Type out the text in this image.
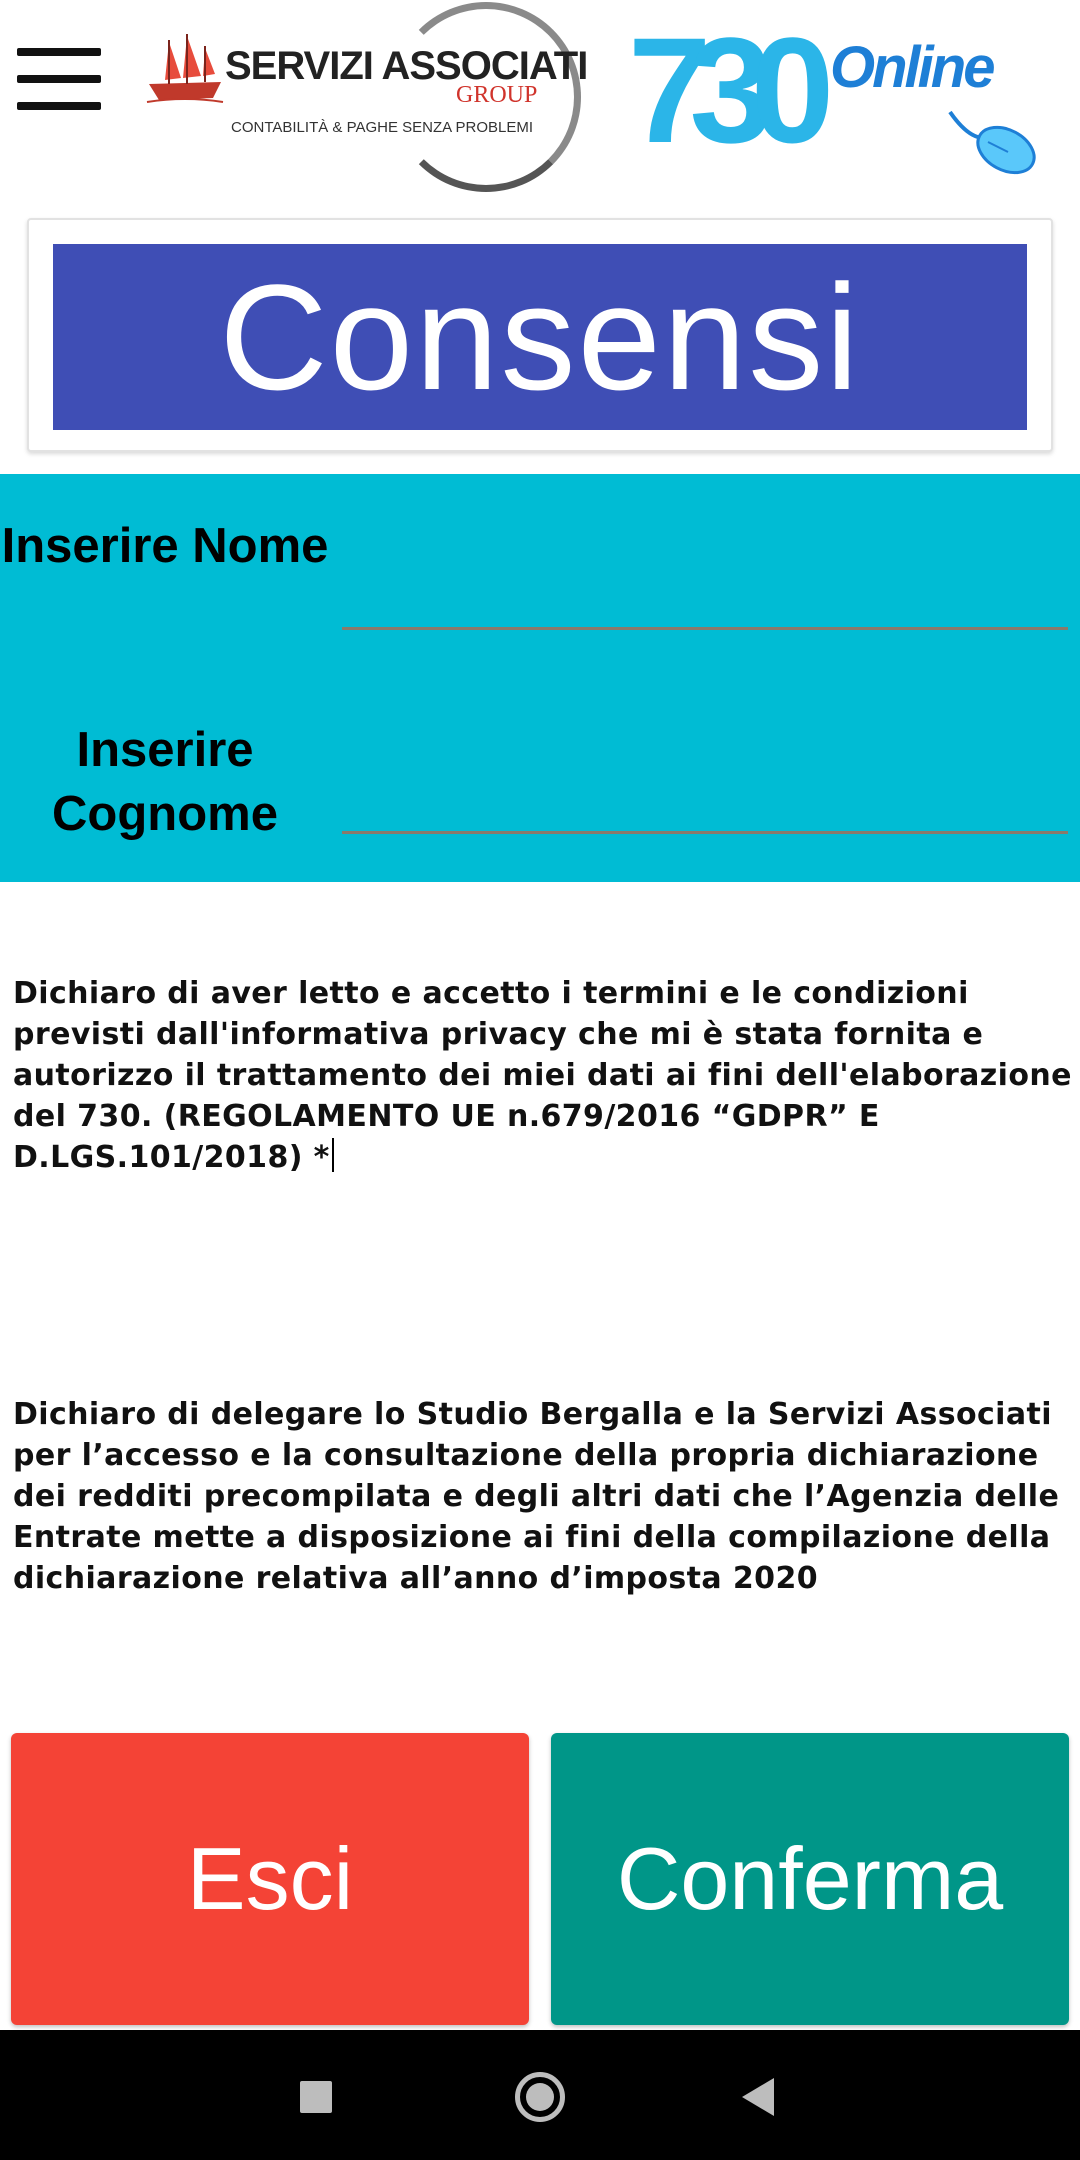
SERVIZI ASSOCIATI
GROUP
CONTABILITÀ & PAGHE SENZA PROBLEMI 730 Online
Consensi
Inserire Nome
Inserire Cognome
Dichiaro di aver letto e accetto i termini e le condizioni previsti dall'informativa privacy che mi è stata fornita e autorizzo il trattamento dei miei dati ai fini dell'elaborazione del 730. (REGOLAMENTO UE n.679/2016 “GDPR” E D.LGS.101/2018) *
Dichiaro di delegare lo Studio Bergalla e la Servizi Associati per l’accesso e la consultazione della propria dichiarazione dei redditi precompilata e degli altri dati che l’Agenzia delle Entrate mette a disposizione ai fini della compilazione della dichiarazione relativa all’anno d’imposta 2020
Esci	Conferma
